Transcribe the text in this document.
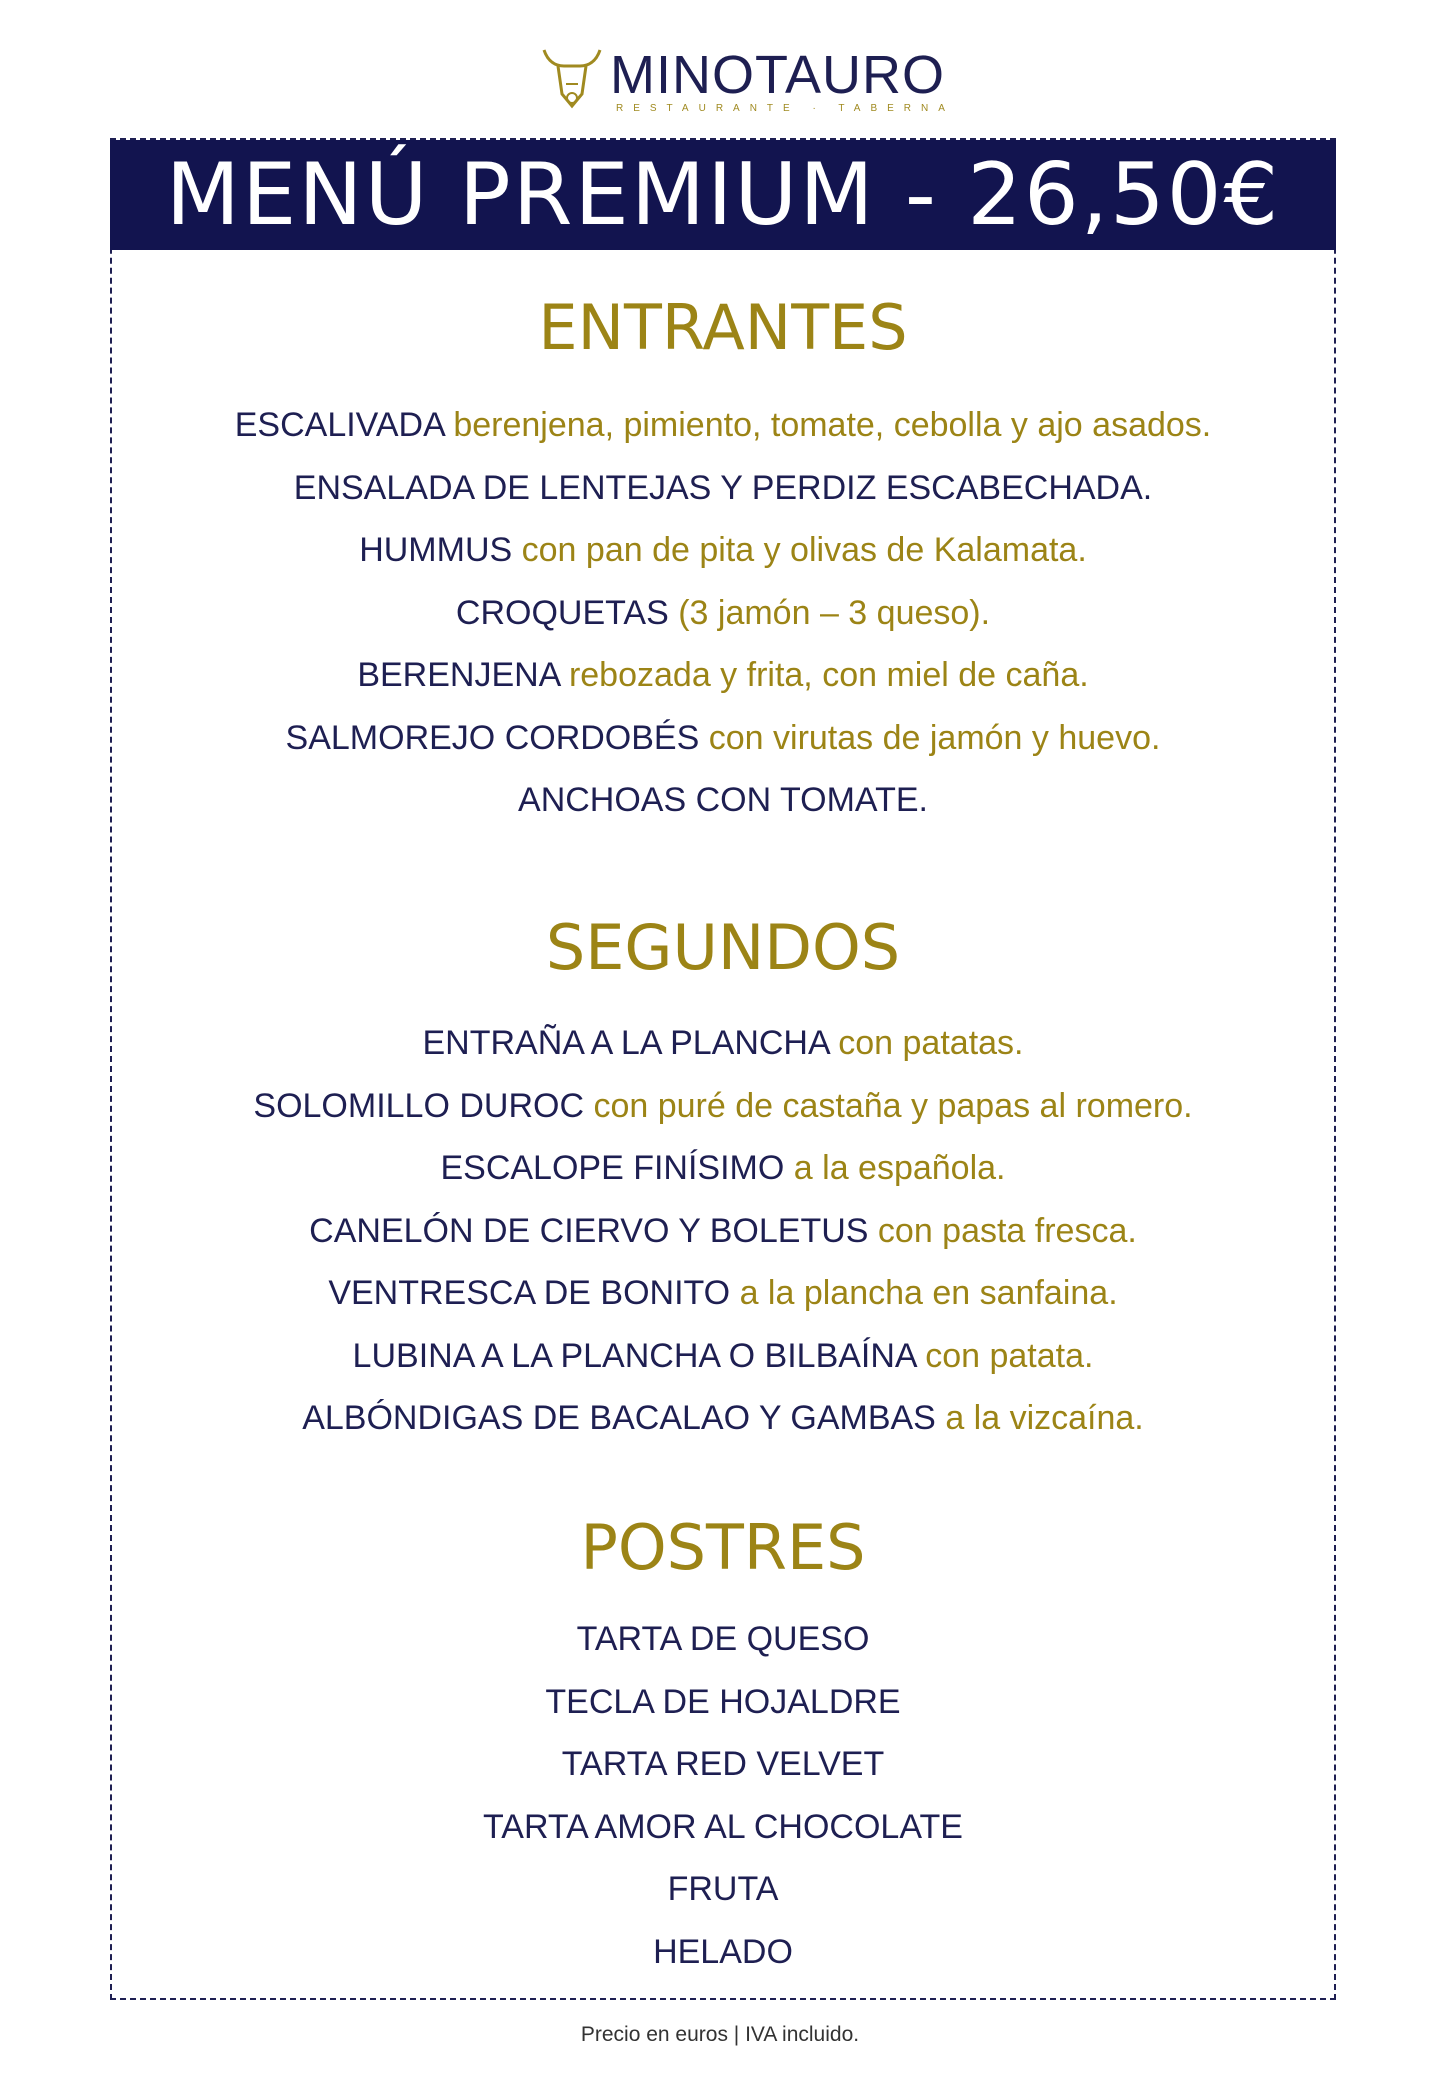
MINOTAURO
RESTAURANTE · TABERNA
MENÚ PREMIUM - 26,50€
ENTRANTES
ESCALIVADA berenjena, pimiento, tomate, cebolla y ajo asados.
ENSALADA DE LENTEJAS Y PERDIZ ESCABECHADA.
HUMMUS con pan de pita y olivas de Kalamata.
CROQUETAS (3 jamón – 3 queso).
BERENJENA rebozada y frita, con miel de caña.
SALMOREJO CORDOBÉS con virutas de jamón y huevo.
ANCHOAS CON TOMATE.
SEGUNDOS
ENTRAÑA A LA PLANCHA con patatas.
SOLOMILLO DUROC con puré de castaña y papas al romero.
ESCALOPE FINÍSIMO a la española.
CANELÓN DE CIERVO Y BOLETUS con pasta fresca.
VENTRESCA DE BONITO a la plancha en sanfaina.
LUBINA A LA PLANCHA O BILBAÍNA con patata.
ALBÓNDIGAS DE BACALAO Y GAMBAS a la vizcaína.
POSTRES
TARTA DE QUESO
TECLA DE HOJALDRE
TARTA RED VELVET
TARTA AMOR AL CHOCOLATE
FRUTA
HELADO
Precio en euros | IVA incluido.
